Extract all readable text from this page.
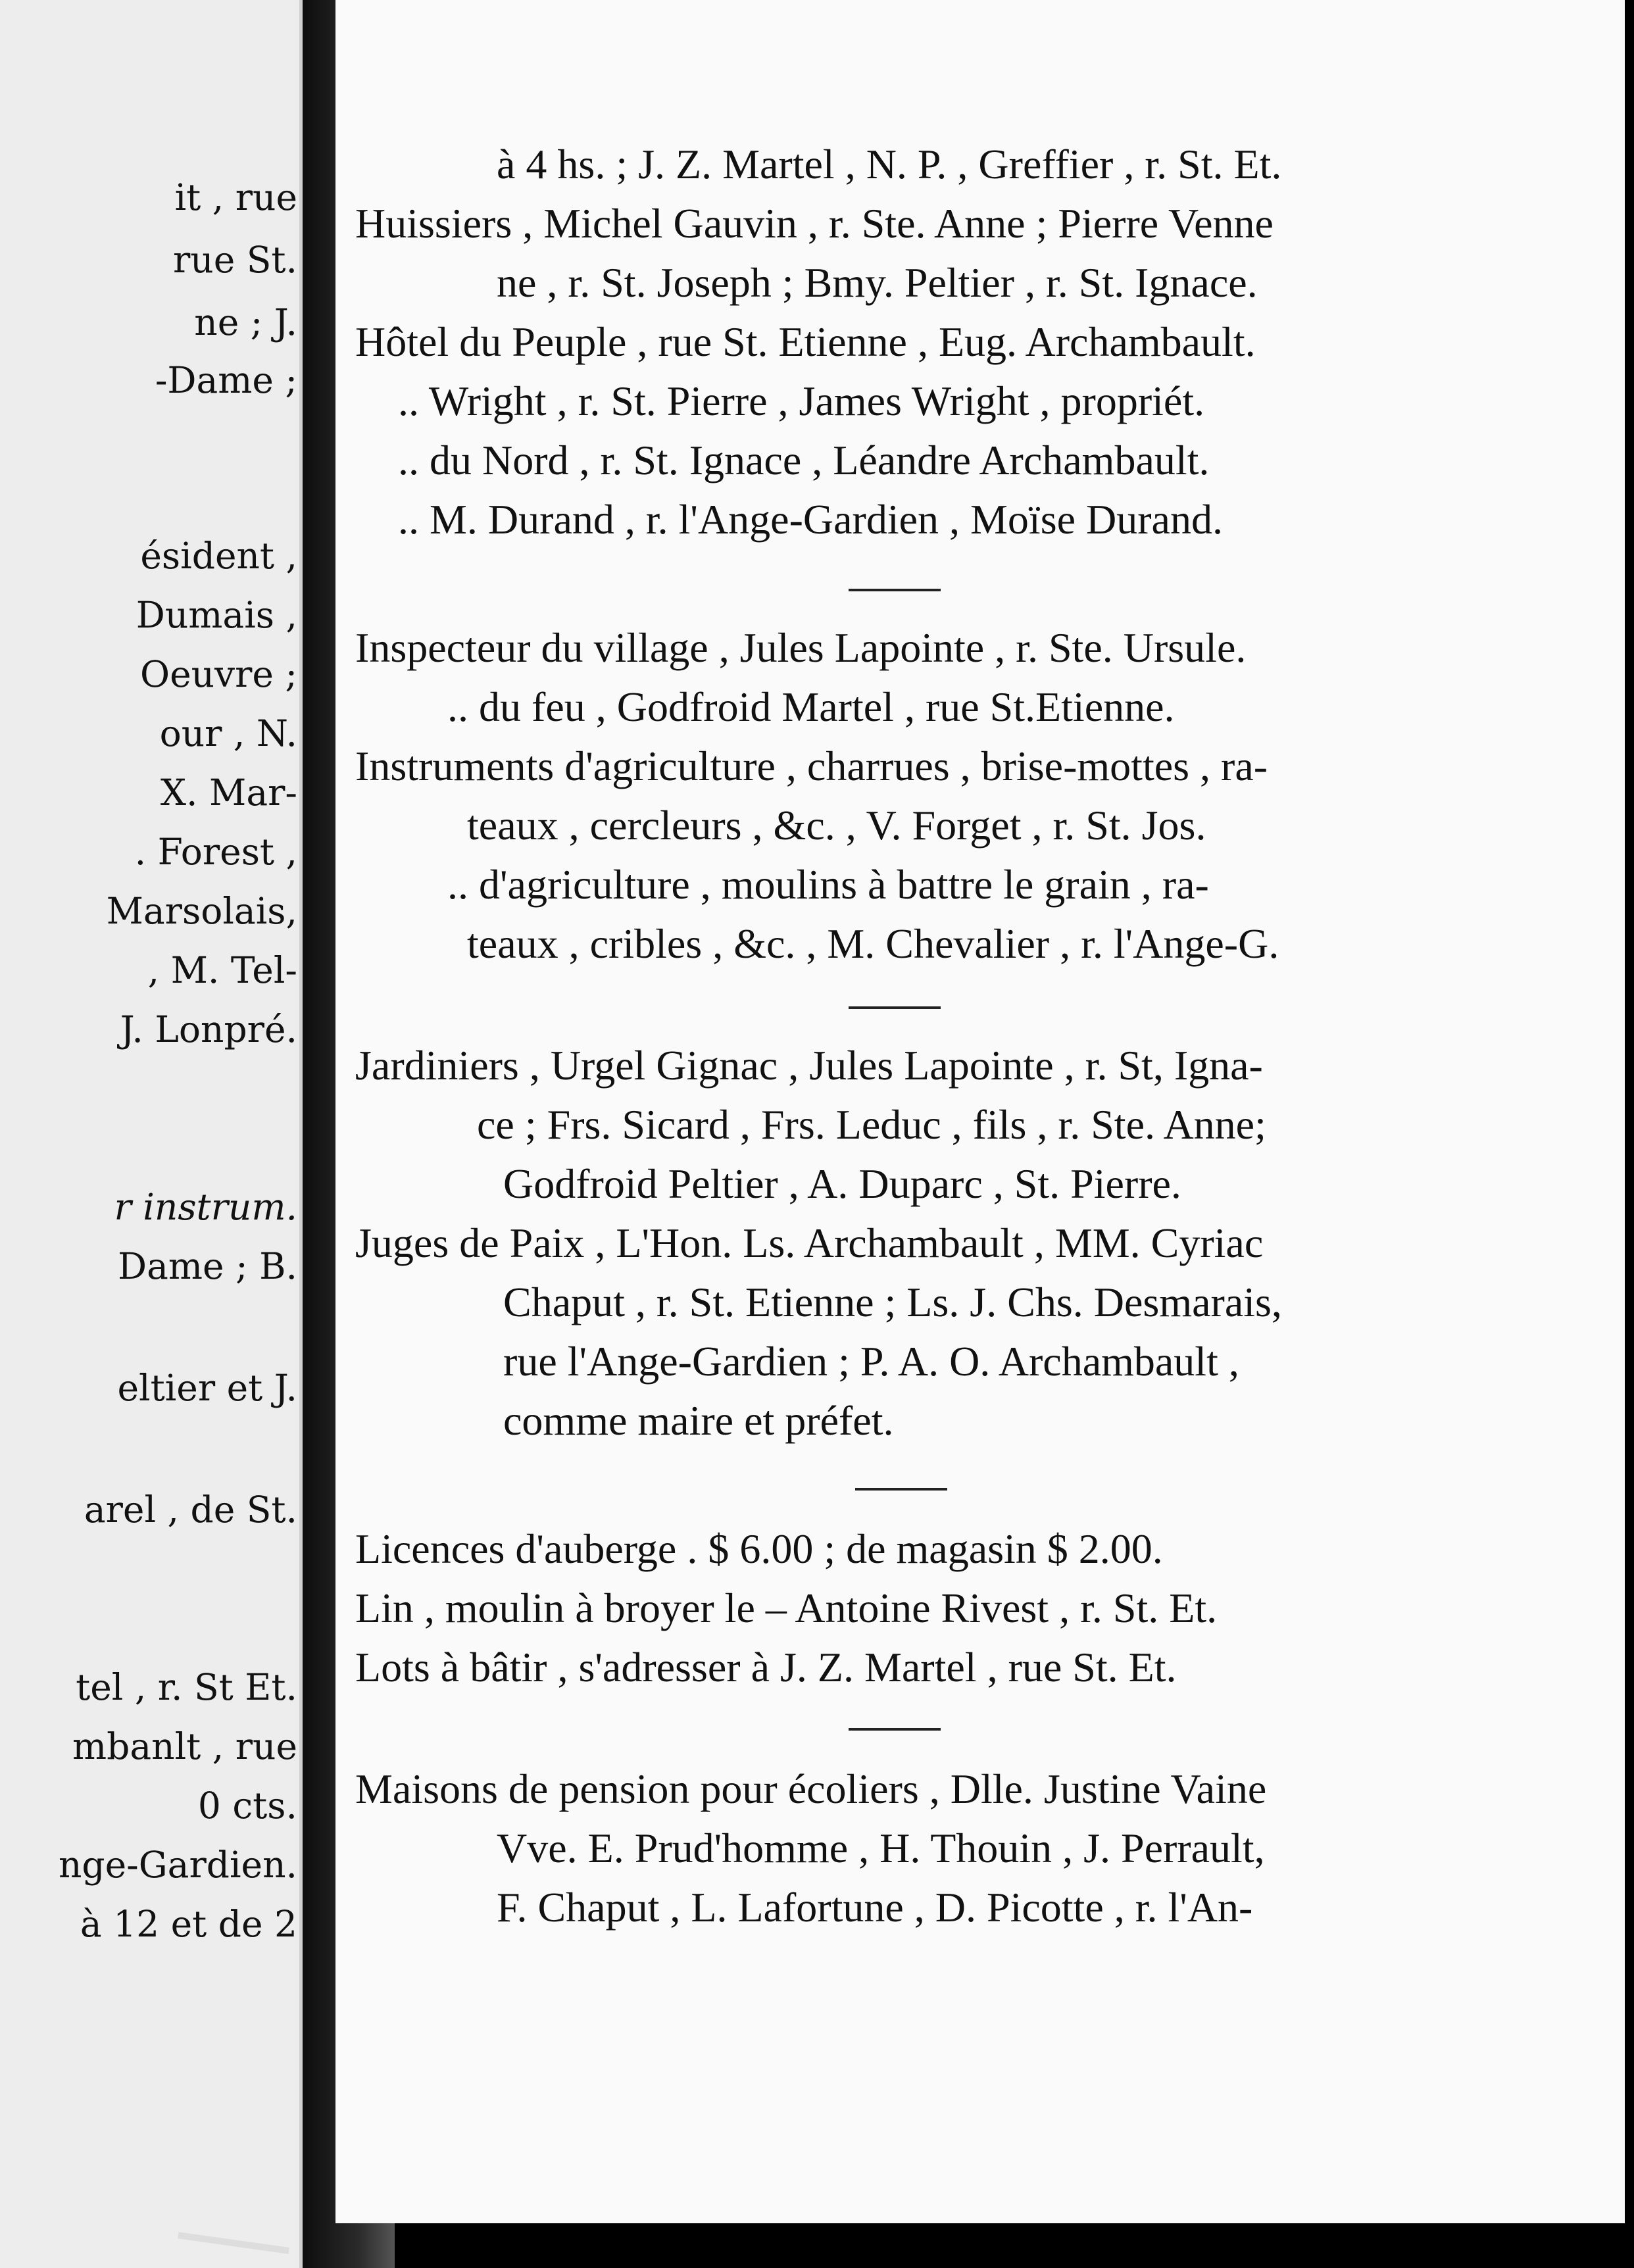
it , rue
rue St.
ne ; J.
-Dame ;
ésident ,
Dumais ,
Oeuvre ;
our , N.
X. Mar-
. Forest ,
Marsolais,
, M. Tel-
J. Lonpré.
r instrum.
Dame ; B.
eltier et J.
arel , de St.
tel , r. St Et.
mbanlt , rue
0 cts.
nge-Gardien.
à 12 et de 2
à 4 hs. ; J. Z. Martel , N. P. , Greffier , r. St. Et.
Huissiers , Michel Gauvin , r. Ste. Anne ; Pierre Venne
ne , r. St. Joseph ; Bmy. Peltier , r. St. Ignace.
Hôtel du Peuple , rue St. Etienne , Eug. Archambault.
.. Wright , r. St. Pierre , James Wright , propriét.
.. du Nord , r. St. Ignace , Léandre Archambault.
.. M. Durand , r. l'Ange-Gardien , Moïse Durand.
Inspecteur du village , Jules Lapointe , r. Ste. Ursule.
.. du feu , Godfroid Martel , rue St.Etienne.
Instruments d'agriculture , charrues , brise-mottes , ra-
teaux , cercleurs , &c. , V. Forget , r. St. Jos.
.. d'agriculture , moulins à battre le grain , ra-
teaux , cribles , &c. , M. Chevalier , r. l'Ange-G.
Jardiniers , Urgel Gignac , Jules Lapointe , r. St, Igna-
ce ; Frs. Sicard , Frs. Leduc , fils , r. Ste. Anne;
Godfroid Peltier , A. Duparc , St. Pierre.
Juges de Paix , L'Hon. Ls. Archambault , MM. Cyriac
Chaput , r. St. Etienne ; Ls. J. Chs. Desmarais,
rue l'Ange-Gardien ; P. A. O. Archambault ,
comme maire et préfet.
Licences d'auberge . $ 6.00 ; de magasin $ 2.00.
Lin , moulin à broyer le – Antoine Rivest , r. St. Et.
Lots à bâtir , s'adresser à J. Z. Martel , rue St. Et.
Maisons de pension pour écoliers , Dlle. Justine Vaine
Vve. E. Prud'homme , H. Thouin , J. Perrault,
F. Chaput , L. Lafortune , D. Picotte , r. l'An-
